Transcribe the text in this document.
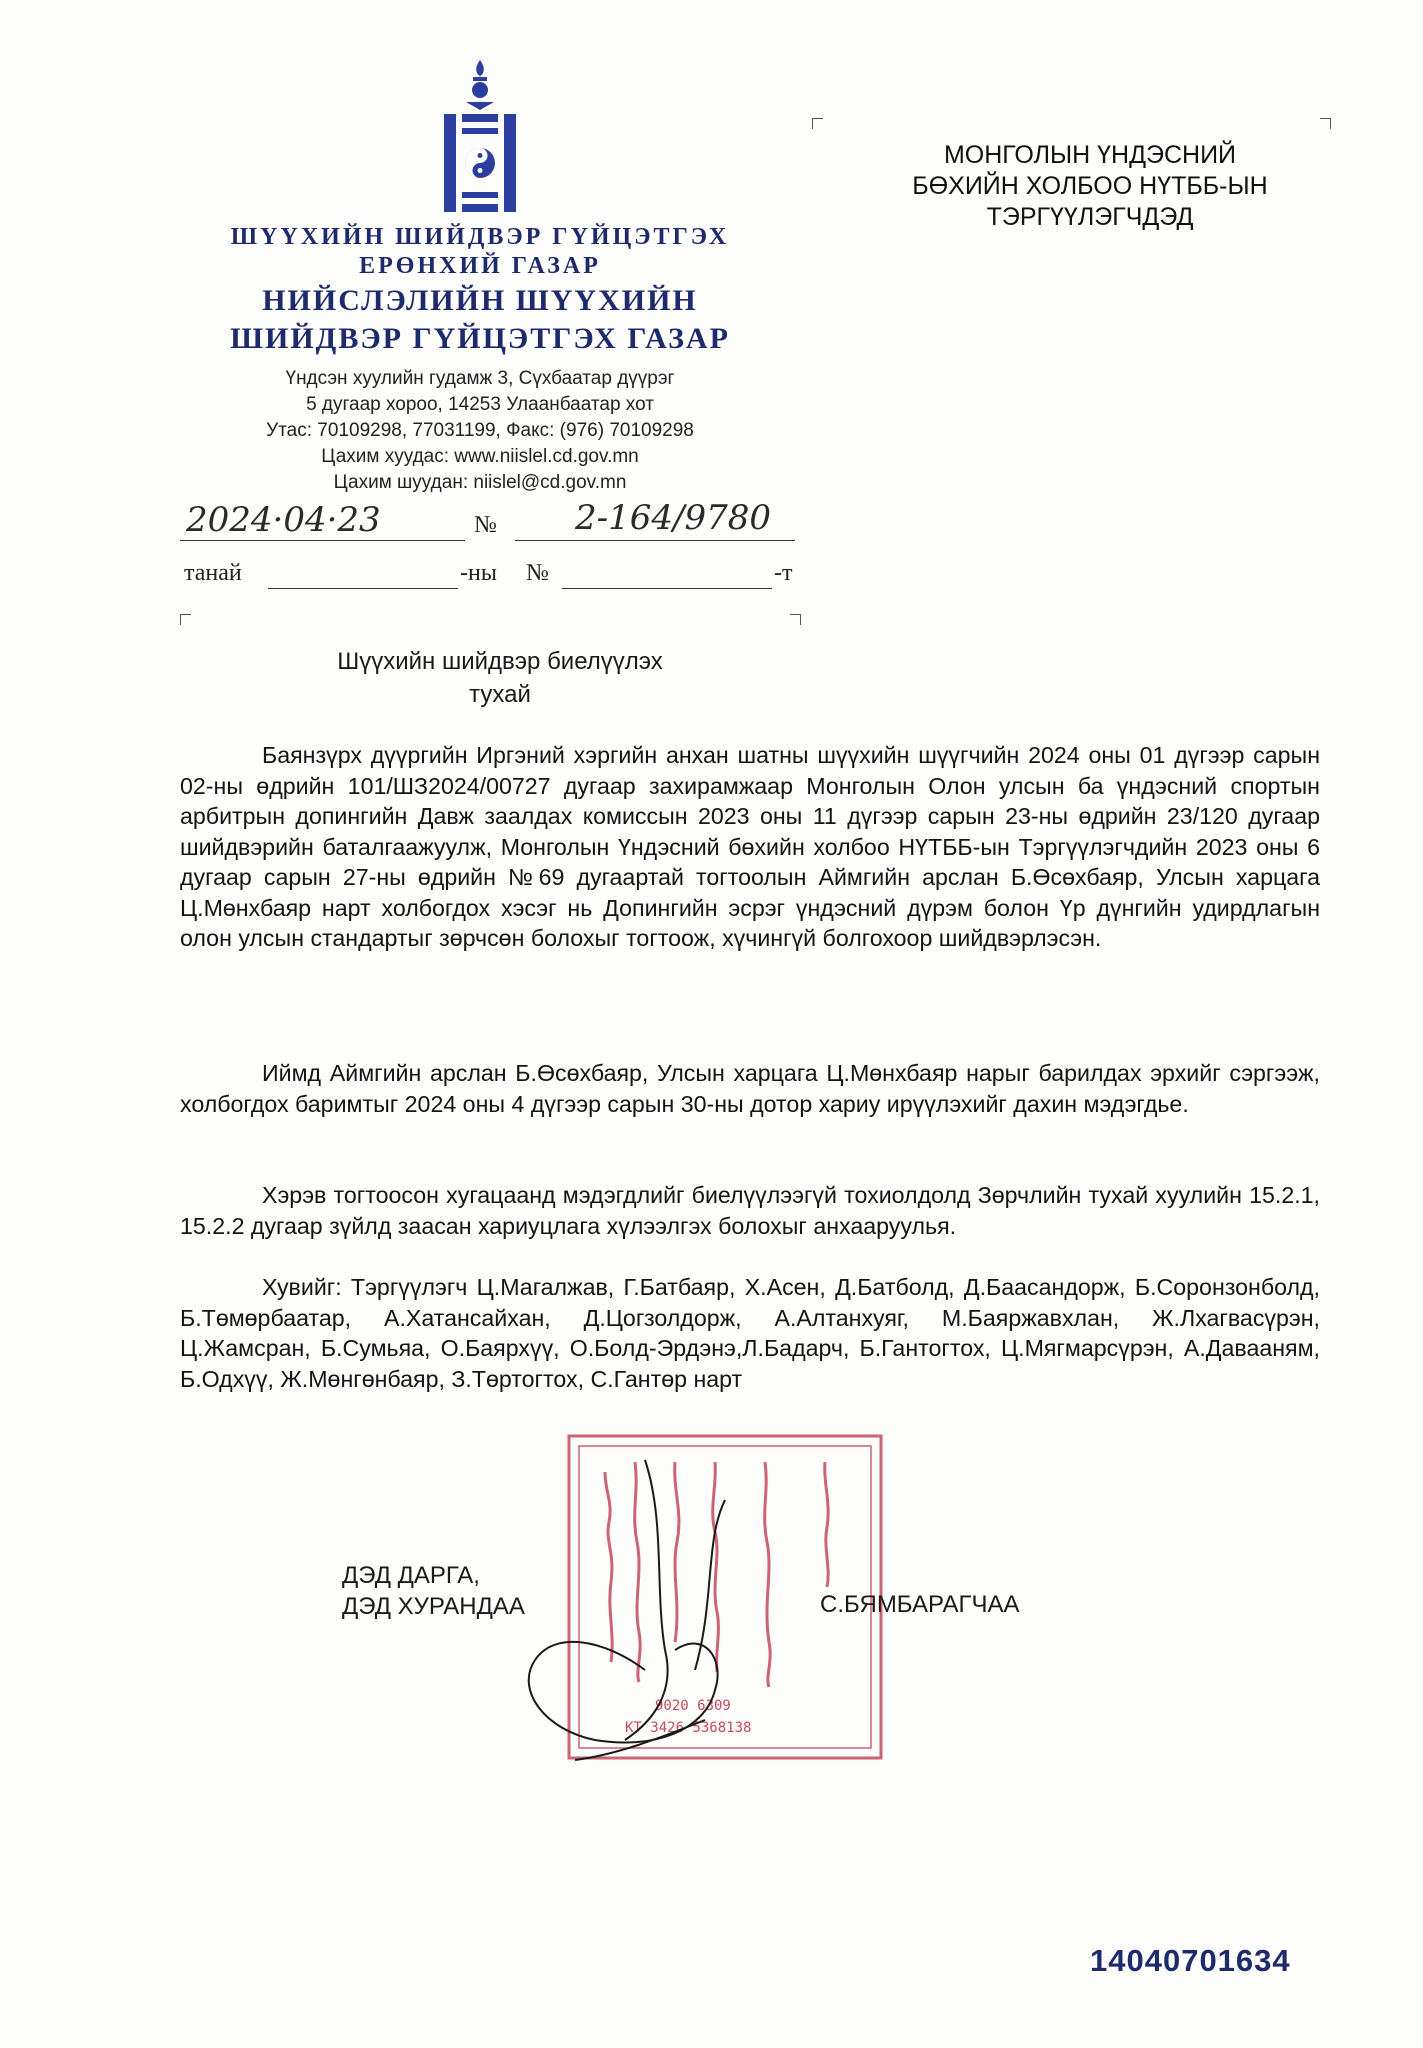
ШҮҮХИЙН ШИЙДВЭР ГҮЙЦЭТГЭХ
ЕРӨНХИЙ ГАЗАР
НИЙСЛЭЛИЙН ШҮҮХИЙН
ШИЙДВЭР ГҮЙЦЭТГЭХ ГАЗАР
Үндсэн хуулийн гудамж 3, Сүхбаатар дүүрэг
5 дугаар хороо, 14253 Улаанбаатар хот
Утас: 70109298, 77031199, Факс: (976) 70109298
Цахим хуудас: www.niislel.cd.gov.mn
Цахим шуудан: niislel@cd.gov.mn
МОНГОЛЫН ҮНДЭСНИЙ
БӨХИЙН ХОЛБОО НҮТББ-ЫН
ТЭРГҮҮЛЭГЧДЭД
2024·04·23	№ 2-164/9780
танай	-ны №	-т
Шүүхийн шийдвэр биелүүлэх
тухай
Баянзүрх дүүргийн Иргэний хэргийн анхан шатны шүүхийн шүүгчийн 2024 оны 01 дүгээр сарын 02-ны өдрийн 101/ШЗ2024/00727 дугаар захирамжаар Монголын Олон улсын ба үндэсний спортын арбитрын допингийн Давж заалдах комиссын 2023 оны 11 дүгээр сарын 23-ны өдрийн 23/120 дугаар шийдвэрийн баталгаажуулж, Монголын Үндэсний бөхийн холбоо НҮТББ-ын Тэргүүлэгчдийн 2023 оны 6 дугаар сарын 27-ны өдрийн №69 дугаартай тогтоолын Аймгийн арслан Б.Өсөхбаяр, Улсын харцага Ц.Мөнхбаяр нарт холбогдох хэсэг нь Допингийн эсрэг үндэсний дүрэм болон Үр дүнгийн удирдлагын олон улсын стандартыг зөрчсөн болохыг тогтоож, хүчингүй болгохоор шийдвэрлэсэн.
Иймд Аймгийн арслан Б.Өсөхбаяр, Улсын харцага Ц.Мөнхбаяр нарыг барилдах эрхийг сэргээж, холбогдох баримтыг 2024 оны 4 дүгээр сарын 30-ны дотор хариу ирүүлэхийг дахин мэдэгдье.
Хэрэв тогтоосон хугацаанд мэдэгдлийг биелүүлээгүй тохиолдолд Зөрчлийн тухай хуулийн 15.2.1, 15.2.2 дугаар зүйлд заасан хариуцлага хүлээлгэх болохыг анхааруулья.
Хувийг: Тэргүүлэгч Ц.Магалжав, Г.Батбаяр, Х.Асен, Д.Батболд, Д.Баасандорж, Б.Соронзонболд, Б.Төмөрбаатар, А.Хатансайхан, Д.Цогзолдорж, А.Алтанхуяг, М.Баяржавхлан, Ж.Лхагвасүрэн, Ц.Жамсран, Б.Сумьяа, О.Баярхүү, О.Болд-Эрдэнэ,Л.Бадарч, Б.Гантогтох, Ц.Мягмарсүрэн, А.Давааням, Б.Одхүү, Ж.Мөнгөнбаяр, З.Төртогтох, С.Гантөр нарт
9020 6309
КТ 3426 5368138
ДЭД ДАРГА,
ДЭД ХУРАНДАА	С.БЯМБАРАГЧАА
14040701634
